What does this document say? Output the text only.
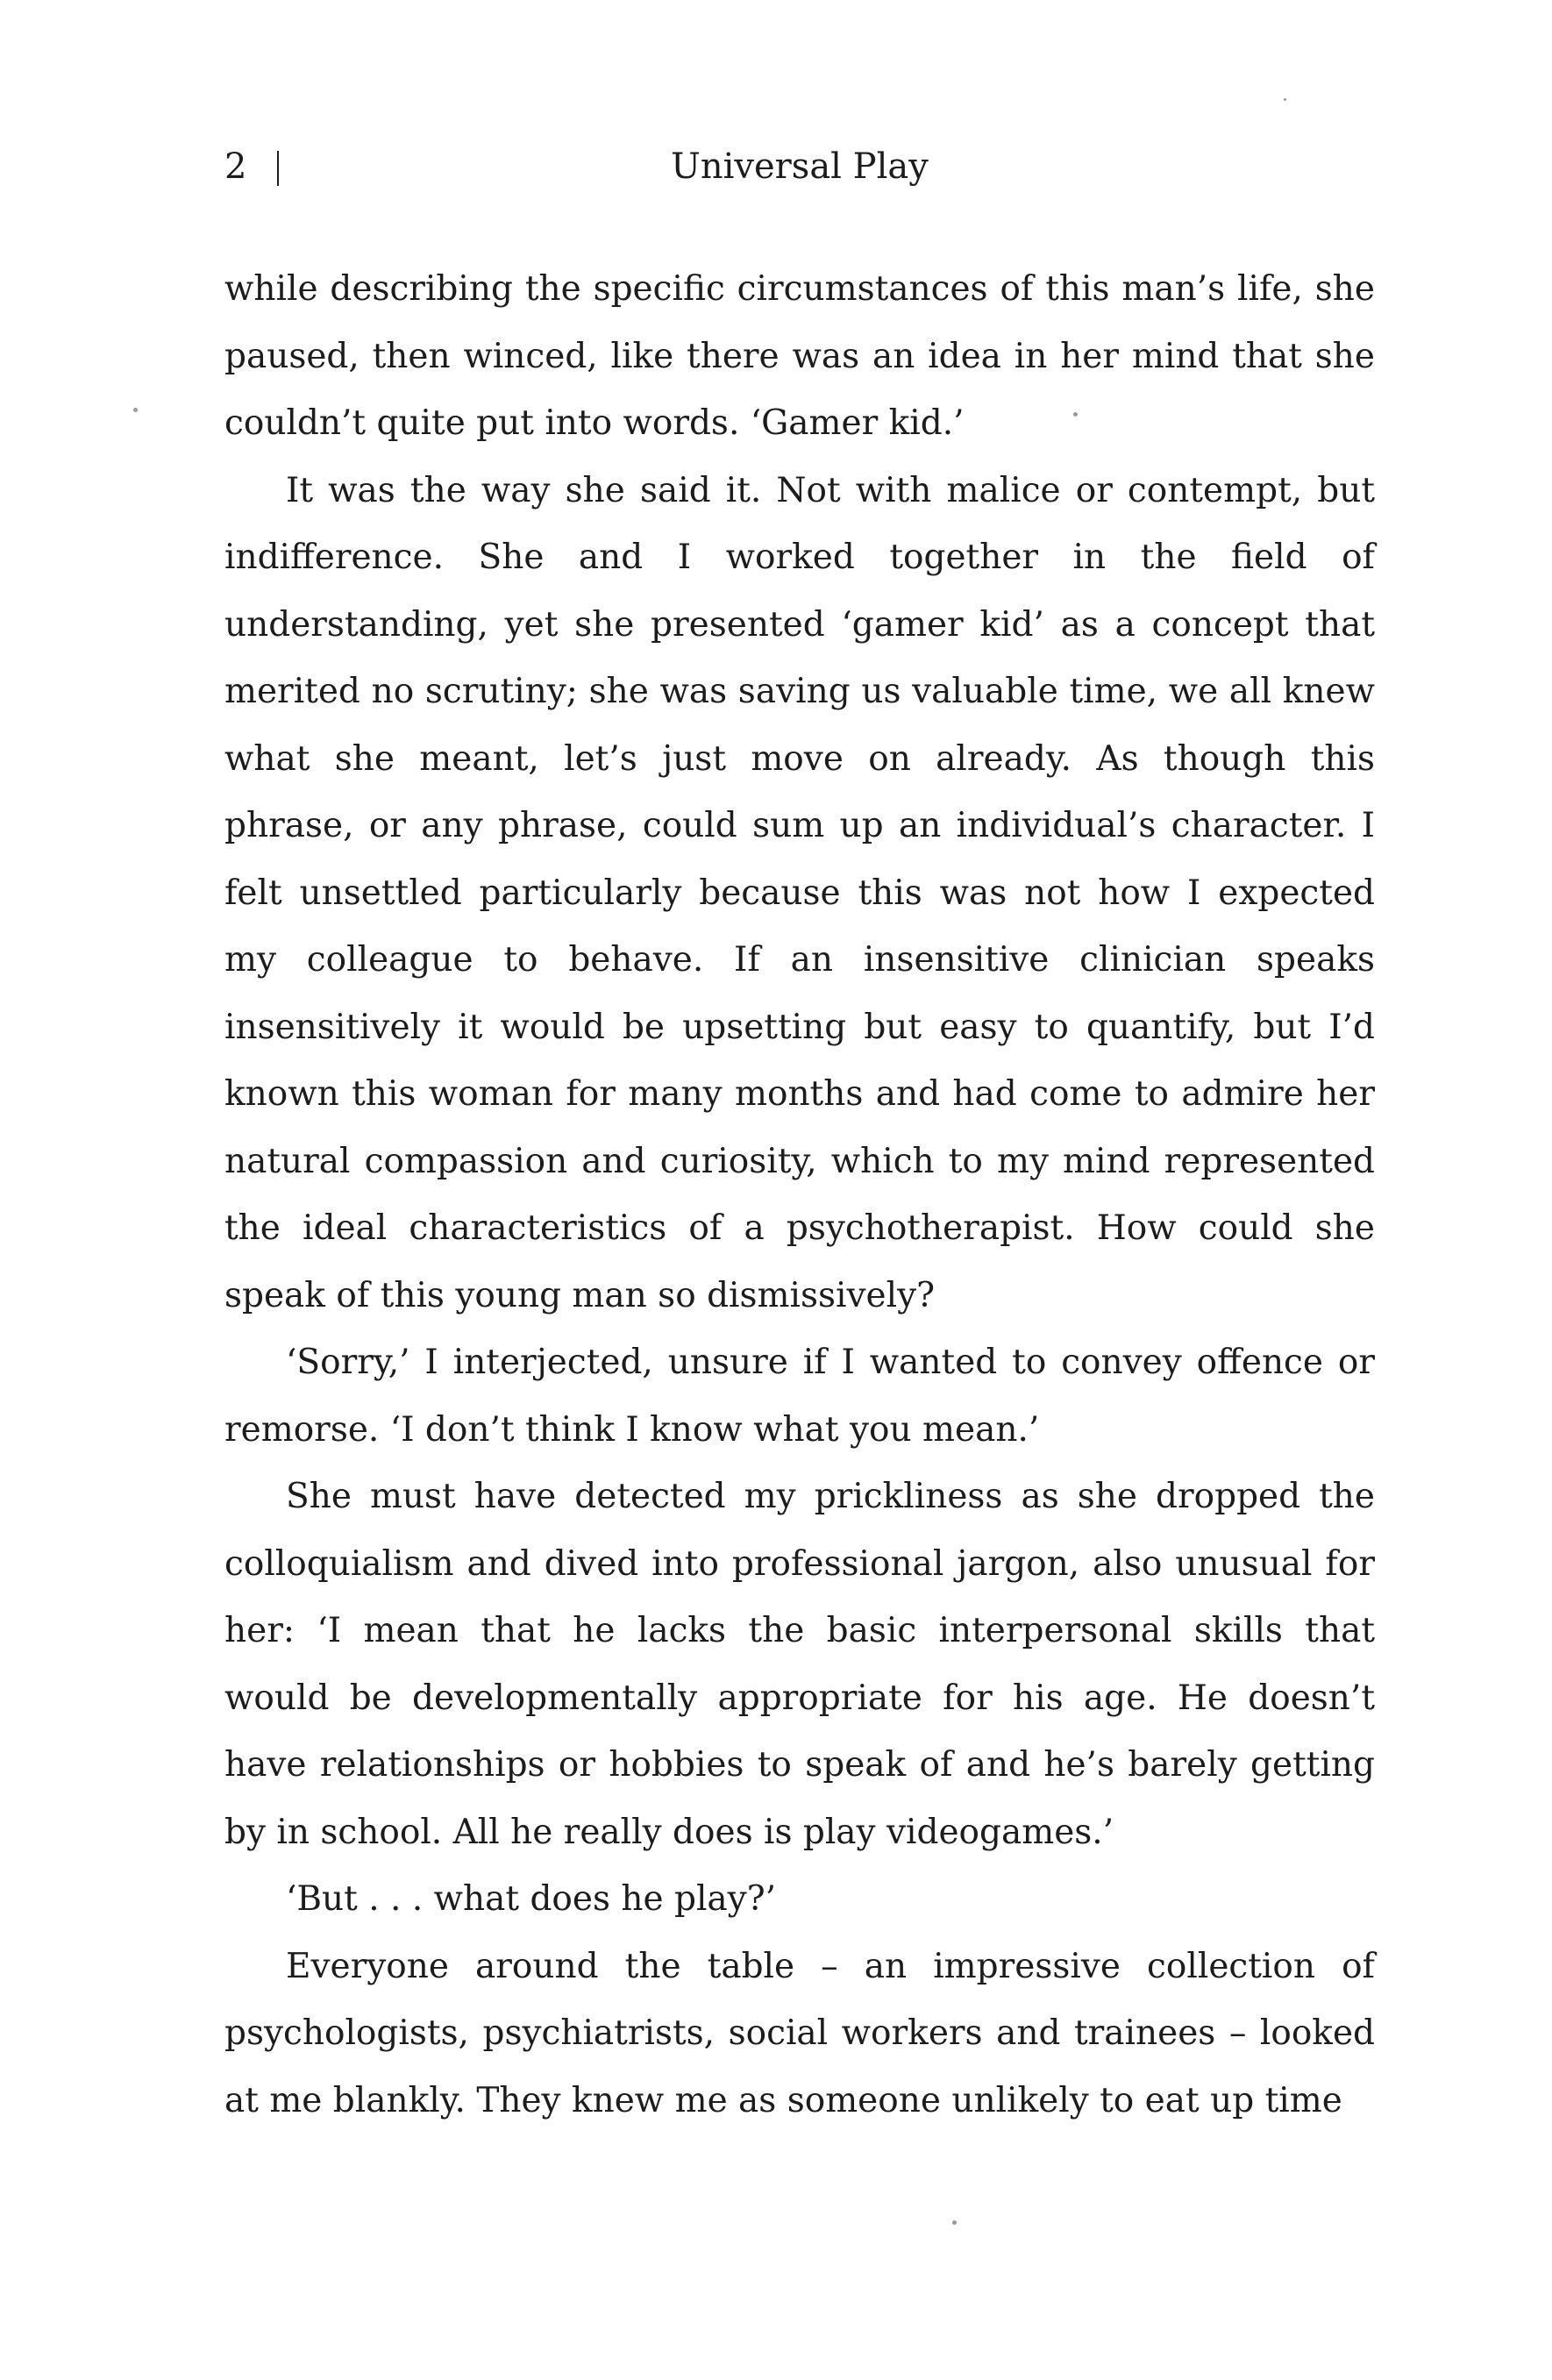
2	Universal Play

while describing the specific circumstances of this man’s life, she paused, then winced, like there was an idea in her mind that she couldn’t quite put into words. ‘Gamer kid.’

It was the way she said it. Not with malice or contempt, but indifference. She and I worked together in the field of understanding, yet she presented ‘gamer kid’ as a concept that merited no scrutiny; she was saving us valuable time, we all knew what she meant, let’s just move on already. As though this phrase, or any phrase, could sum up an individual’s character. I felt unsettled particularly because this was not how I expected my colleague to behave. If an insensitive clinician speaks insensitively it would be upsetting but easy to quantify, but I’d known this woman for many months and had come to admire her natural compassion and curiosity, which to my mind represented the ideal characteristics of a psychotherapist. How could she speak of this young man so dismissively?

‘Sorry,’ I interjected, unsure if I wanted to convey offence or remorse. ‘I don’t think I know what you mean.’

She must have detected my prickliness as she dropped the colloquialism and dived into professional jargon, also unusual for her: ‘I mean that he lacks the basic interpersonal skills that would be developmentally appropriate for his age. He doesn’t have relationships or hobbies to speak of and he’s barely getting by in school. All he really does is play videogames.’

‘But . . . what does he play?’

Everyone around the table – an impressive collection of psychologists, psychiatrists, social workers and trainees – looked at me blankly. They knew me as someone unlikely to eat up time
